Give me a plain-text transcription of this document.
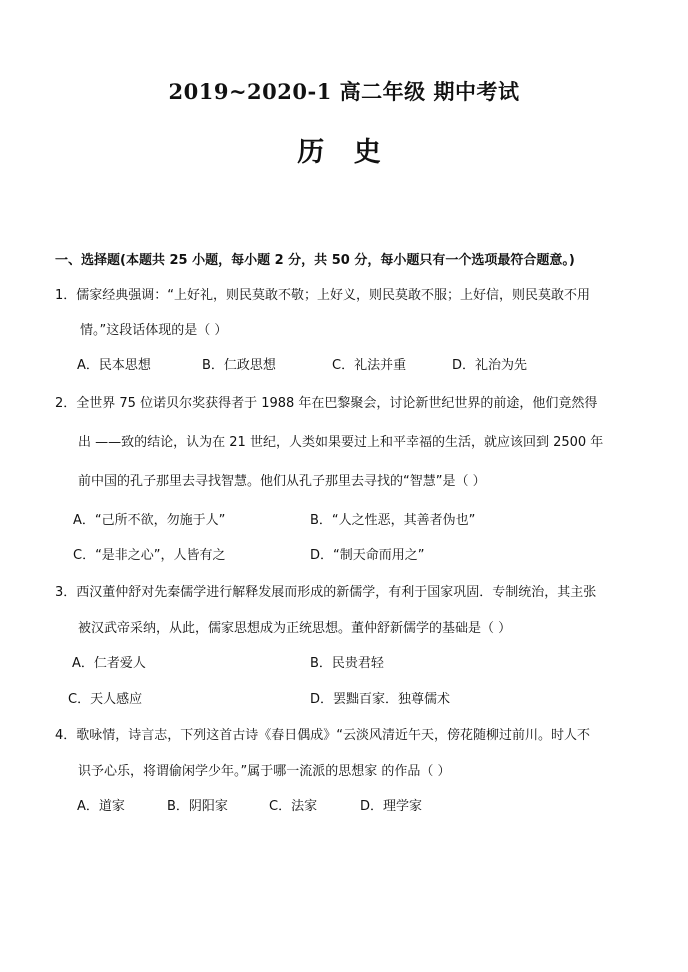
2019~2020-1 高二年级 期中考试
历 史
一、选择题(本题共 25 小题，每小题 2 分，共 50 分，每小题只有一个选项最符合题意。)
1．儒家经典强调：“上好礼，则民莫敢不敬；上好义，则民莫敢不服；上好信，则民莫敢不用
情。”这段话体现的是（ ）
A．民本思想	B．仁政思想	C．礼法并重	D．礼治为先
2．全世界 75 位诺贝尔奖获得者于 1988 年在巴黎聚会，讨论新世纪世界的前途，他们竟然得
出 ——致的结论，认为在 21 世纪，人类如果要过上和平幸福的生活，就应该回到 2500 年
前中国的孔子那里去寻找智慧。他们从孔子那里去寻找的“智慧”是（ ）
A．“己所不欲，勿施于人”	B．“人之性恶，其善者伪也”
C．“是非之心”，人皆有之	D．“制天命而用之”
3．西汉董仲舒对先秦儒学进行解释发展而形成的新儒学，有利于国家巩固．专制统治，其主张
被汉武帝采纳，从此，儒家思想成为正统思想。董仲舒新儒学的基础是（ ）
A．仁者爱人	B．民贵君轻
C．天人感应	D．罢黜百家．独尊儒术
4．歌咏情，诗言志，下列这首古诗《春日偶成》“云淡风清近午天，傍花随柳过前川。时人不
识予心乐，将谓偷闲学少年。”属于哪一流派的思想家 的作品（ ）
A．道家	B．阴阳家	C．法家	D．理学家
